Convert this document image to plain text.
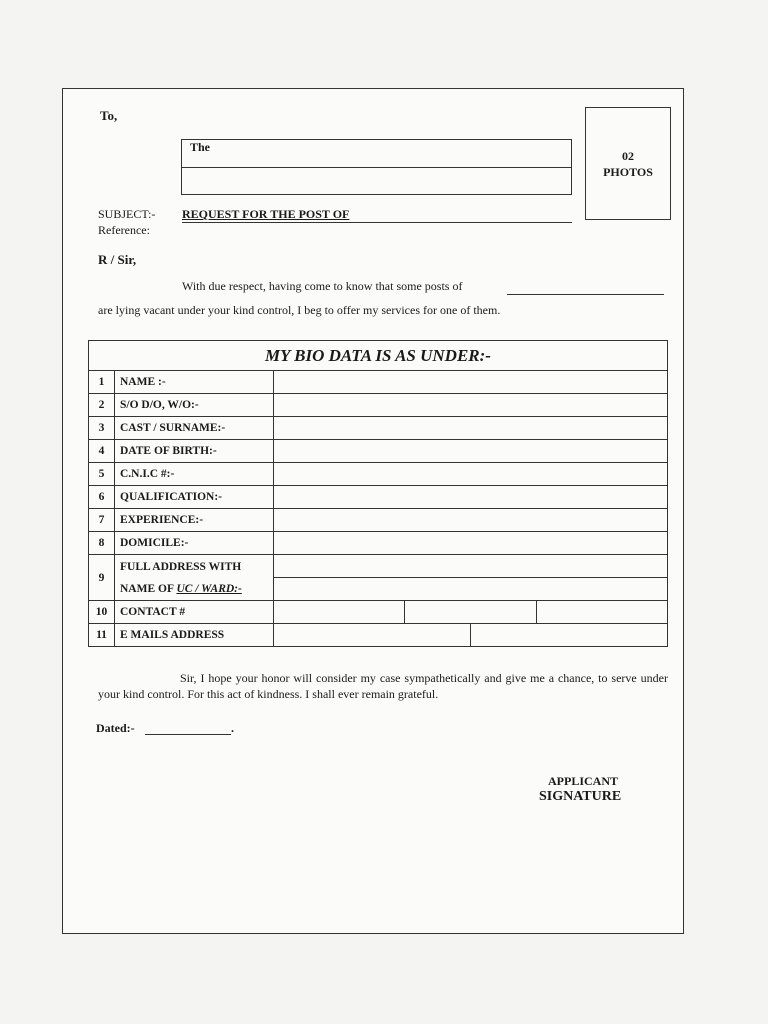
To,
The
02
PHOTOS
SUBJECT:- REQUEST FOR THE POST OF
Reference:
R / Sir,
With due respect, having come to know that some posts of
are lying vacant under your kind control, I beg to offer my services for one of them.
MY BIO DATA IS AS UNDER:-		
1	NAME :-	
2	S/O D/O, W/O:-	
3	CAST / SURNAME:-	
4	DATE OF BIRTH:-	
5	C.N.I.C #:-	
6	QUALIFICATION:-	
7	EXPERIENCE:-	
8	DOMICILE:-	
9	FULL ADDRESS WITH
NAME OF UC / WARD:-	

10	CONTACT #	

11	E MAILS ADDRESS	
Sir, I hope your honor will consider my case sympathetically and give me a chance, to serve under your kind control. For this act of kindness. I shall ever remain grateful.
Dated:-	.
APPLICANT
SIGNATURE
